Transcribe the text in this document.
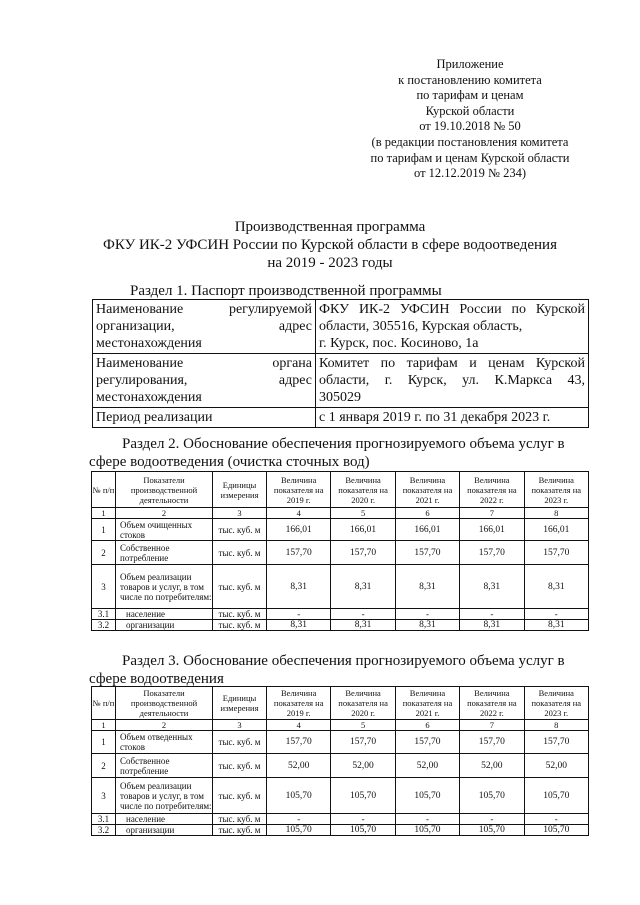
Приложение
к постановлению комитета
по тарифам и ценам
Курской области
от 19.10.2018 № 50
(в редакции постановления комитета
по тарифам и ценам Курской области
от 12.12.2019 № 234)
Производственная программа
ФКУ ИК-2 УФСИН России по Курской области в сфере водоотведения
на 2019 - 2023 годы
Раздел 1. Паспорт производственной программы
Наименование регулируемой
организации, адрес
местонахождения	ФКУ ИК-2 УФСИН России по Курской
области, 305516, Курская область,
г. Курск, пос. Косиново, 1а

Наименование органа
регулирования, адрес
местонахождения	Комитет по тарифам и ценам Курской
области, г. Курск, ул. К.Маркса 43,
305029

Период реализации	с 1 января 2019 г. по 31 декабря 2023 г.
Раздел 2. Обоснование обеспечения прогнозируемого объема услуг в
сфере водоотведения (очистка сточных вод)
№ п/п	Показатели производственной деятельности	Единицы измерения	Величина показателя на 2019 г.	Величина показателя на 2020 г.	Величина показателя на 2021 г.	Величина показателя на 2022 г.	Величина показателя на 2023 г.
1	2	3	4	5	6	7	8
1	Объем очищенных стоков	тыс. куб. м	166,01	166,01	166,01	166,01	166,01
2	Собственное потребление	тыс. куб. м	157,70	157,70	157,70	157,70	157,70
3	Объем реализации товаров и услуг, в том числе по потребителям:	тыс. куб. м	8,31	8,31	8,31	8,31	8,31
3.1	население	тыс. куб. м	-	-	-	-	-
3.2	организации	тыс. куб. м	8,31	8,31	8,31	8,31	8,31
Раздел 3. Обоснование обеспечения прогнозируемого объема услуг в
сфере водоотведения
№ п/п	Показатели производственной деятельности	Единицы измерения	Величина показателя на 2019 г.	Величина показателя на 2020 г.	Величина показателя на 2021 г.	Величина показателя на 2022 г.	Величина показателя на 2023 г.
1	2	3	4	5	6	7	8
1	Объем отведенных стоков	тыс. куб. м	157,70	157,70	157,70	157,70	157,70
2	Собственное потребление	тыс. куб. м	52,00	52,00	52,00	52,00	52,00
3	Объем реализации товаров и услуг, в том числе по потребителям:	тыс. куб. м	105,70	105,70	105,70	105,70	105,70
3.1	население	тыс. куб. м	-	-	-	-	-
3.2	организации	тыс. куб. м	105,70	105,70	105,70	105,70	105,70
